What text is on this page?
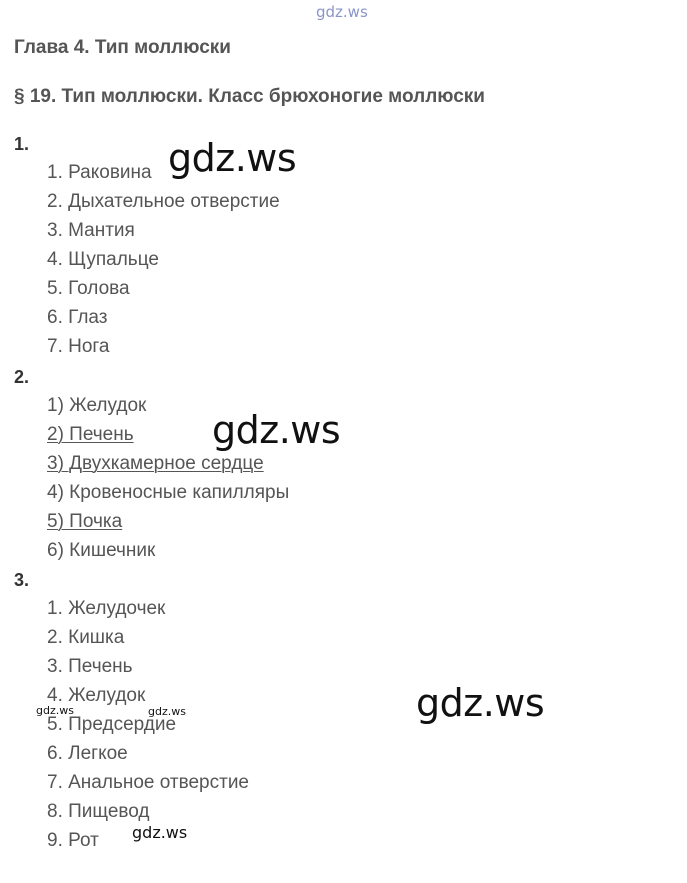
gdz.ws
Глава 4. Тип моллюски
§ 19. Тип моллюски. Класс брюхоногие моллюски
1.
1. Раковина
2. Дыхательное отверстие
3. Мантия
4. Щупальце
5. Голова
6. Глаз
7. Нога
2.
1) Желудок
2) Печень
3) Двухкамерное сердце
4) Кровеносные капилляры
5) Почка
6) Кишечник
3.
1. Желудочек
2. Кишка
3. Печень
4. Желудок
5. Предсердие
6. Легкое
7. Анальное отверстие
8. Пищевод
9. Рот
gdz.ws
gdz.ws
gdz.ws
gdz.ws	gdz.ws
gdz.ws
